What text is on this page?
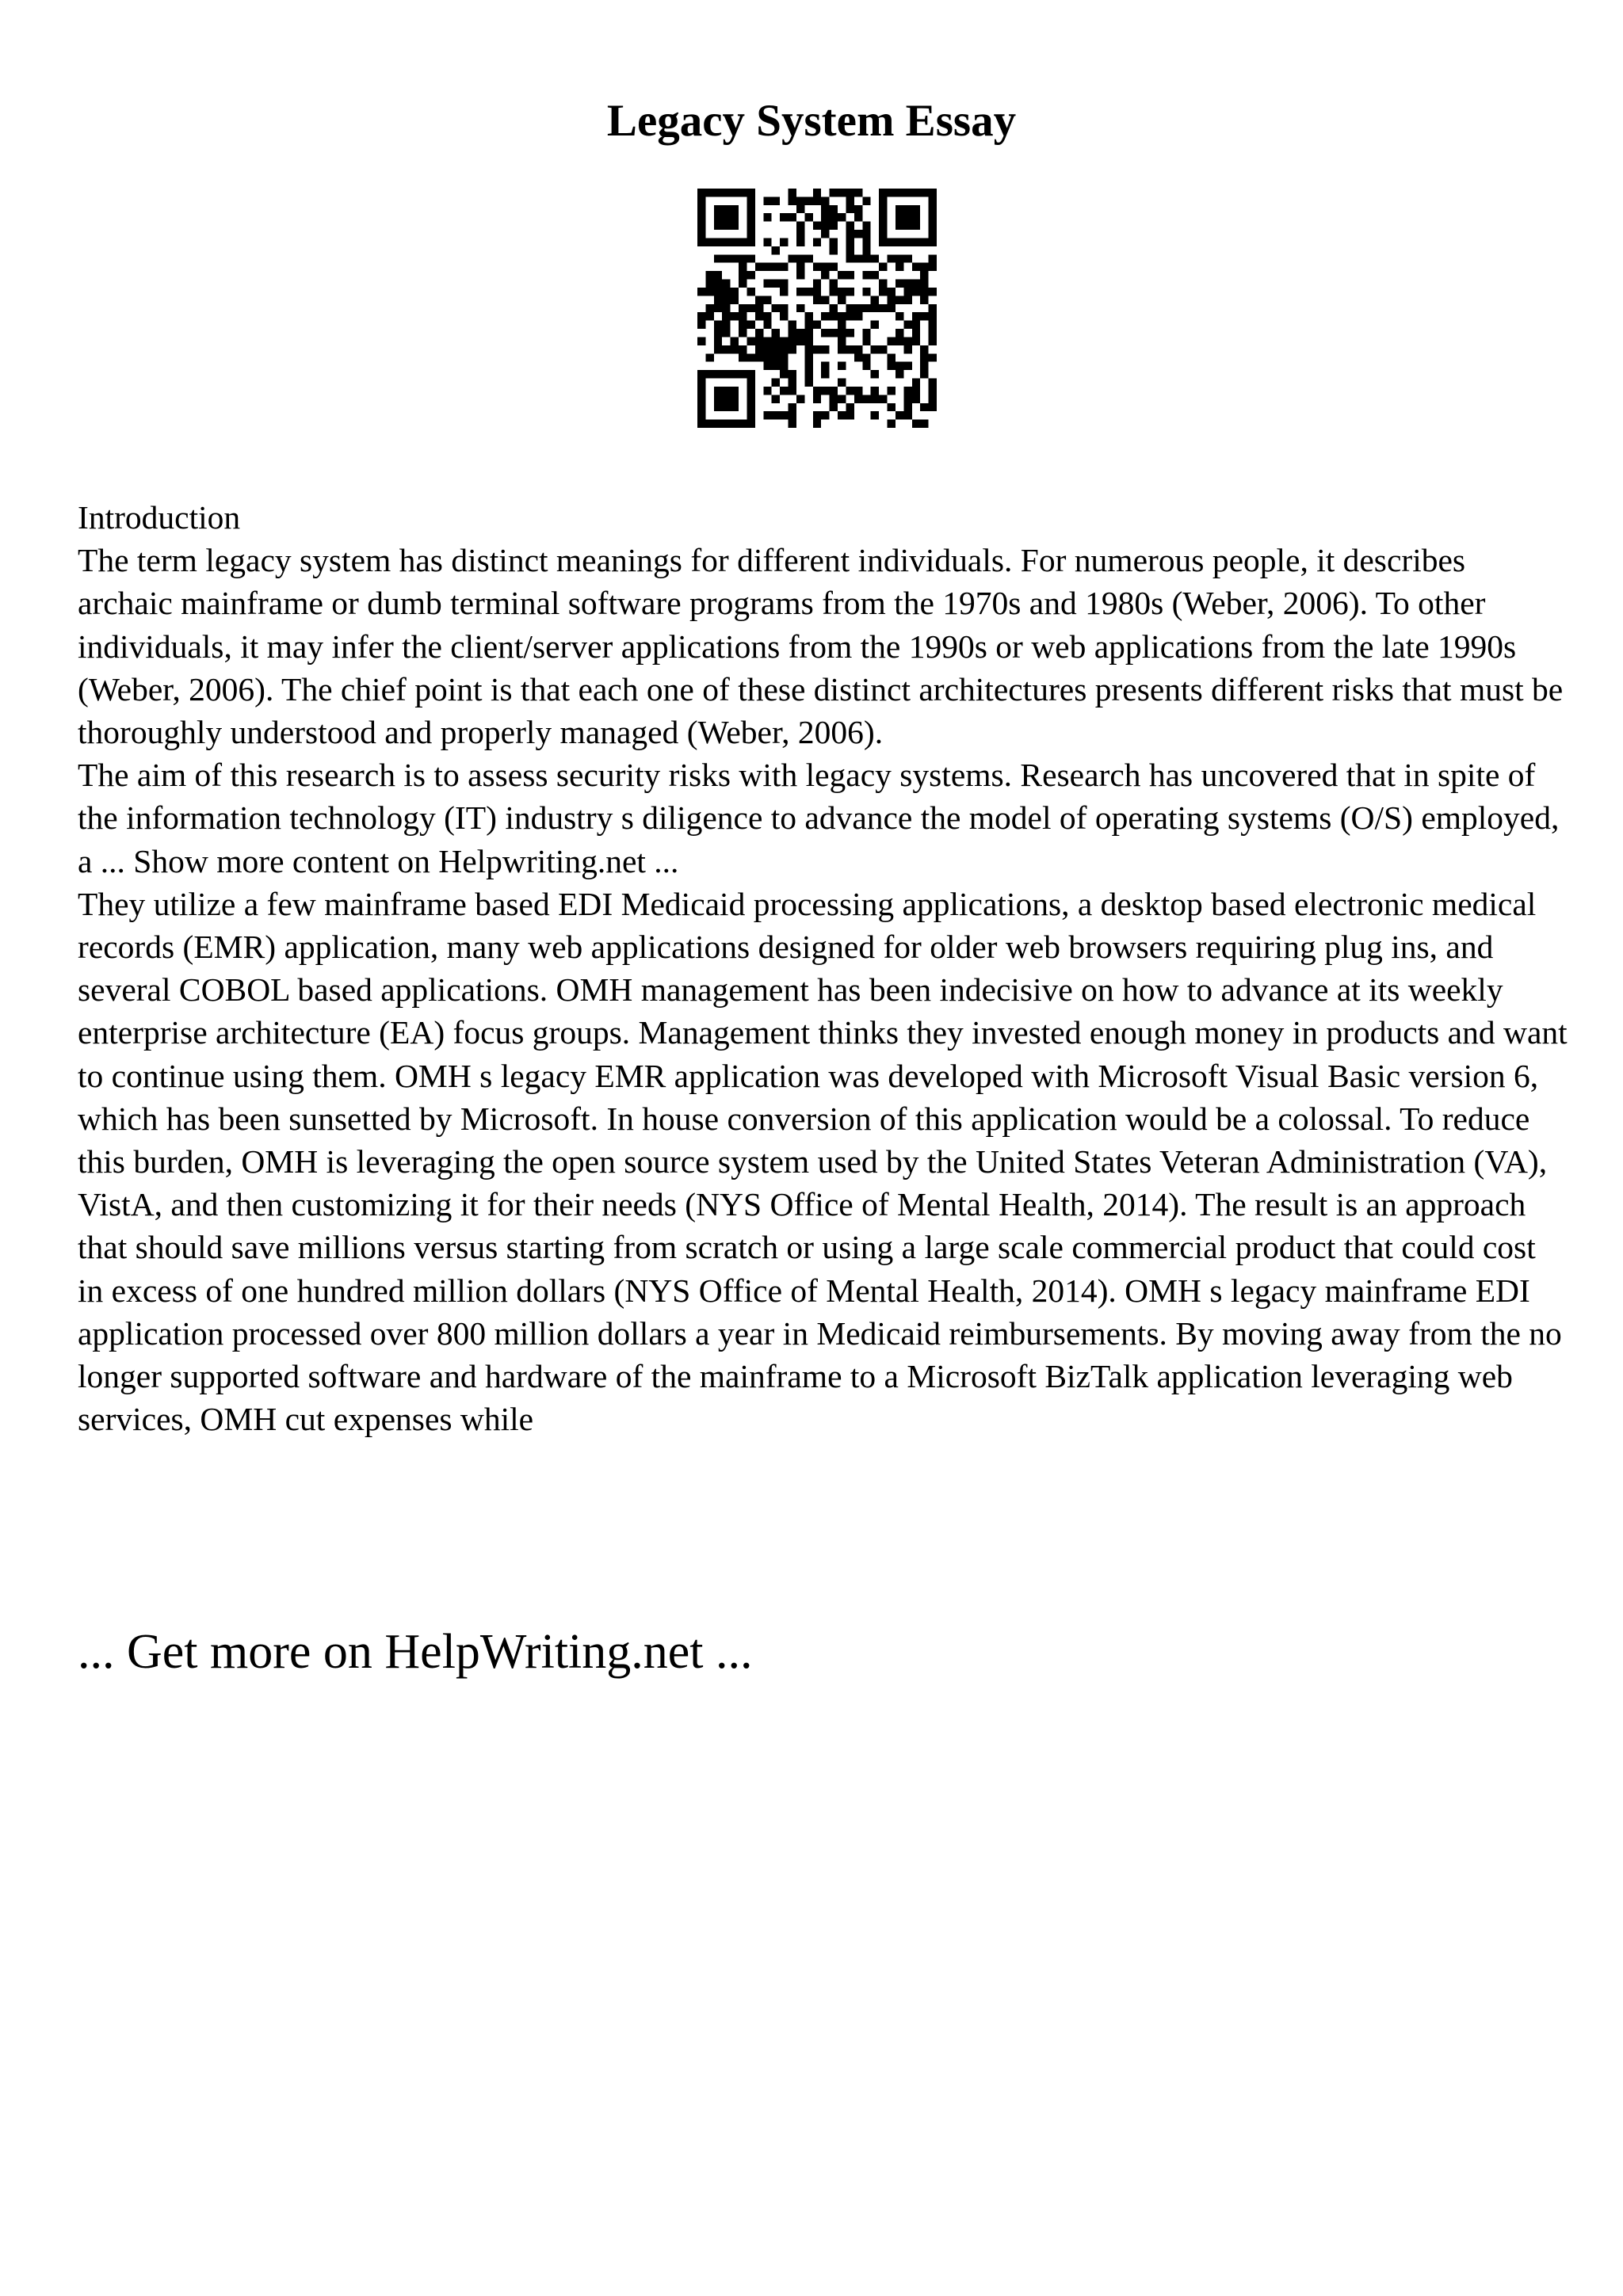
Legacy System Essay

Introduction

The term legacy system has distinct meanings for different individuals. For numerous people, it describes archaic mainframe or dumb terminal software programs from the 1970s and 1980s (Weber, 2006). To other individuals, it may infer the client/server applications from the 1990s or web applications from the late 1990s (Weber, 2006). The chief point is that each one of these distinct architectures presents different risks that must be thoroughly understood and properly managed (Weber, 2006).

The aim of this research is to assess security risks with legacy systems. Research has uncovered that in spite of the information technology (IT) industry s diligence to advance the model of operating systems (O/S) employed, a ... Show more content on Helpwriting.net ...

They utilize a few mainframe based EDI Medicaid processing applications, a desktop based electronic medical records (EMR) application, many web applications designed for older web browsers requiring plug ins, and several COBOL based applications. OMH management has been indecisive on how to advance at its weekly enterprise architecture (EA) focus groups. Management thinks they invested enough money in products and want to continue using them. OMH s legacy EMR application was developed with Microsoft Visual Basic version 6, which has been sunsetted by Microsoft. In house conversion of this application would be a colossal. To reduce this burden, OMH is leveraging the open source system used by the United States Veteran Administration (VA), VistA, and then customizing it for their needs (NYS Office of Mental Health, 2014). The result is an approach that should save millions versus starting from scratch or using a large scale commercial product that could cost in excess of one hundred million dollars (NYS Office of Mental Health, 2014). OMH s legacy mainframe EDI application processed over 800 million dollars a year in Medicaid reimbursements. By moving away from the no longer supported software and hardware of the mainframe to a Microsoft BizTalk application leveraging web services, OMH cut expenses while

... Get more on HelpWriting.net ...
